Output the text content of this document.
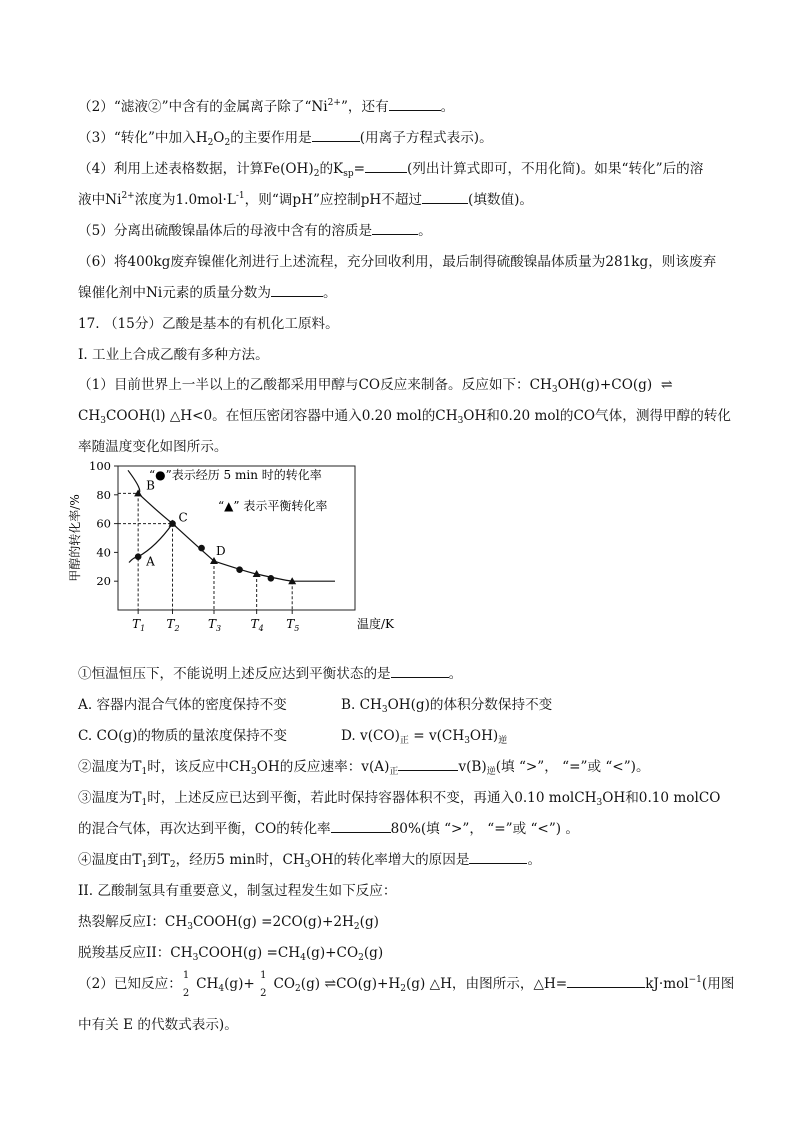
（2）“滤液②”中含有的金属离子除了“$Ni^{2+}$”，还有	。
（3）“转化”中加入$H_2O_2$的主要作用是	(用离子方程式表示)。
（4）利用上述表格数据，计算$Fe(OH)_2$的$K_{sp}=$	(列出计算式即可，不用化简)。如果“转化”后的溶
液中$Ni^{2+}$浓度为$1.0mol\cdot L^{-1}$，则“调pH”应控制pH不超过	(填数值)。
（5）分离出硫酸镍晶体后的母液中含有的溶质是	。
（6）将400kg废弃镍催化剂进行上述流程，充分回收利用，最后制得硫酸镍晶体质量为281kg，则该废弃
镍催化剂中Ni元素的质量分数为	。
17. （15分）乙酸是基本的有机化工原料。
I. 工业上合成乙酸有多种方法。
（1）目前世界上一半以上的乙酸都采用甲醇与CO反应来制备。反应如下：$CH_3OH(g)+CO(g)$ ⇌
$CH_3COOH(l)$ △H<0。在恒压密闭容器中通入0.20 mol的$CH_3OH$和0.20 mol的CO气体，测得甲醇的转化
率随温度变化如图所示。
20
40
60
80
100
$T_1$ $T_2$ $T_3$ $T_4$ $T_5$
甲醇的转化率/%
温度/K
A
B
C
D
“●”表示经历 5 min 时的转化率
“▲” 表示平衡转化率
①恒温恒压下，不能说明上述反应达到平衡状态的是	。
A. 容器内混合气体的密度保持不变	B. $CH_3OH(g)$的体积分数保持不变
C. CO(g)的物质的量浓度保持不变	D. $v(CO)_正 = v(CH_3OH)_逆$
②温度为$T_1$时，该反应中$CH_3OH$的反应速率：$v(A)_正$	$v(B)_逆$(填 “>”， “=”或 “<”)。
③温度为$T_1$时，上述反应已达到平衡，若此时保持容器体积不变，再通入0.10 molCH$_3$OH和0.10 molCO
的混合气体，再次达到平衡，CO的转化率	80%(填 “>”， “=”或 “<”) 。
④温度由$T_1$到$T_2$，经历5 min时，$CH_3OH$的转化率增大的原因是	。
II. 乙酸制氢具有重要意义，制氢过程发生如下反应：
热裂解反应I：$CH_3COOH(g) =2CO(g)+2H_2(g)$
脱羧基反应II：$CH_3COOH(g) =CH_4(g)+CO_2(g)$
（2）已知反应：
1
2
$CH_4(g)+$
1
2
$CO_2(g)$ $\rightleftharpoons CO(g)+H_2(g)$ △H，由图所示，△H=	kJ·mol$^{-1}$(用图
中有关 E 的代数式表示)。
